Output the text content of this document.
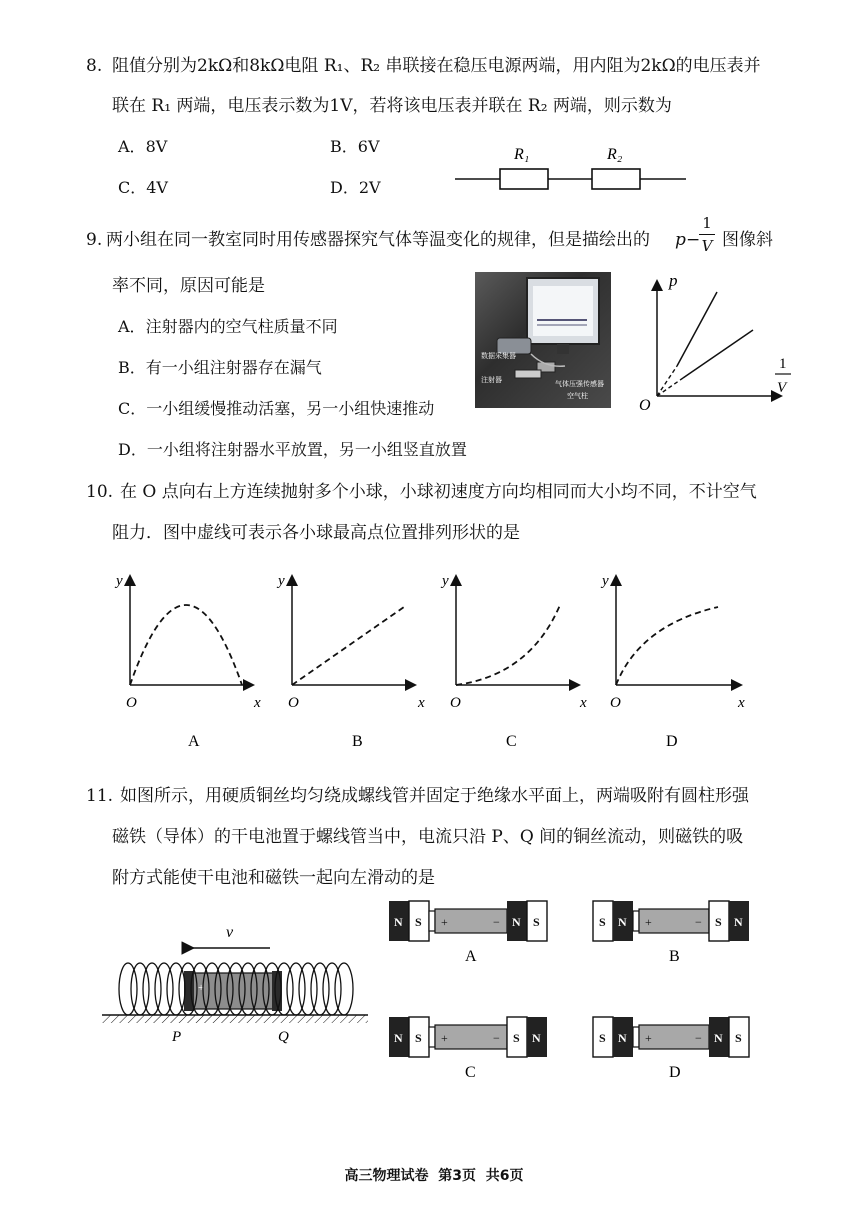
8. 阻值分别为2kΩ和8kΩ电阻 R₁、R₂ 串联接在稳压电源两端，用内阻为2kΩ的电压表并
联在 R₁ 两端，电压表示数为1V，若将该电压表并联在 R₂ 两端，则示数为
A．8V	B．6V
C．4V	D．2V
R₁	R₂
9. 两小组在同一教室同时用传感器探究气体等温变化的规律，但是描绘出的 p −
1
V 图像斜
率不同，原因可能是
A．注射器内的空气柱质量不同
B．有一小组注射器存在漏气
C．一小组缓慢推动活塞，另一小组快速推动
D．一小组将注射器水平放置，另一小组竖直放置
数据采集器
注射器	气体压强传感器
空气柱
p
O
1
V
10. 在 O 点向右上方连续抛射多个小球，小球初速度方向均相同而大小均不同，不计空气
阻力．图中虚线可表示各小球最高点位置排列形状的是
y
O	x
A
y
O	x
B
y
O	x
C
y
O	x
D
11. 如图所示，用硬质铜丝均匀绕成螺线管并固定于绝缘水平面上，两端吸附有圆柱形强
磁铁（导体）的干电池置于螺线管当中，电流只沿 P、Q 间的铜丝流动，则磁铁的吸
附方式能使干电池和磁铁一起向左滑动的是
v
+
P	Q
N S +	− N S
A
S N +	− S N
B
N S +	− S N
C
S N +	− N S
D
高三物理试卷  第3页  共6页
